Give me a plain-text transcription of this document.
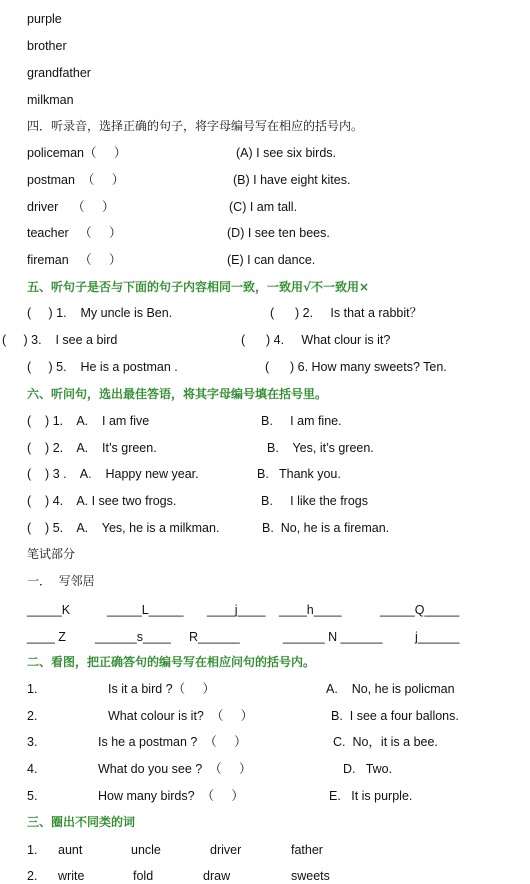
purple
brother
grandfather
milkman
四．听录音，选择正确的句子，将字母编号写在相应的括号内。
policeman（     ）	(A) I see six birds.
postman  （     ）	(B) I have eight kites.
driver    （     ）	(C) I am tall.
teacher   （     ）	(D) I see ten bees.
fireman   （     ）	(E) I can dance.
五、听句子是否与下面的句子内容相同一致，一致用√不一致用×
(     ) 1.    My uncle is Ben.	(      ) 2.     Is that a rabbit？
(     ) 3.    I see a bird	(      ) 4.     What clour is it?
(     ) 5.    He is a postman .	(      ) 6. How many sweets? Ten.
六、听问句，选出最佳答语，将其字母编号填在括号里。
(    ) 1.    A.    I am five	B.     I am fine.
(    ) 2.    A.    It’s green.	B.    Yes, it’s green.
(    ) 3 .    A.    Happy new year.	B.   Thank you.
(    ) 4.    A. I see two frogs.	B.     I like the frogs
(    ) 5.    A.    Yes, he is a milkman.	B.  No, he is a fireman.
笔试部分
一．  写邻居
_____K	_____L_____ ____j____ ____h____	_____Q_____
____ Z ______s____ R______	______ N ______	j______
二、看图，把正确答句的编号写在相应问句的括号内。
1.	Is it a bird ?（     ）	A.    No, he is policman
2.	What colour is it?  （     ）	B.  I see a four ballons.
3.	Is he a postman ?  （     ）	C.  No，it is a bee.
4.	What do you see ?  （     ）	D.   Two.
5.	How many birds?  （     ）	E.   It is purple.
三、圈出不同类的词
1. aunt	uncle	driver	father
2. write	fold	draw	sweets
